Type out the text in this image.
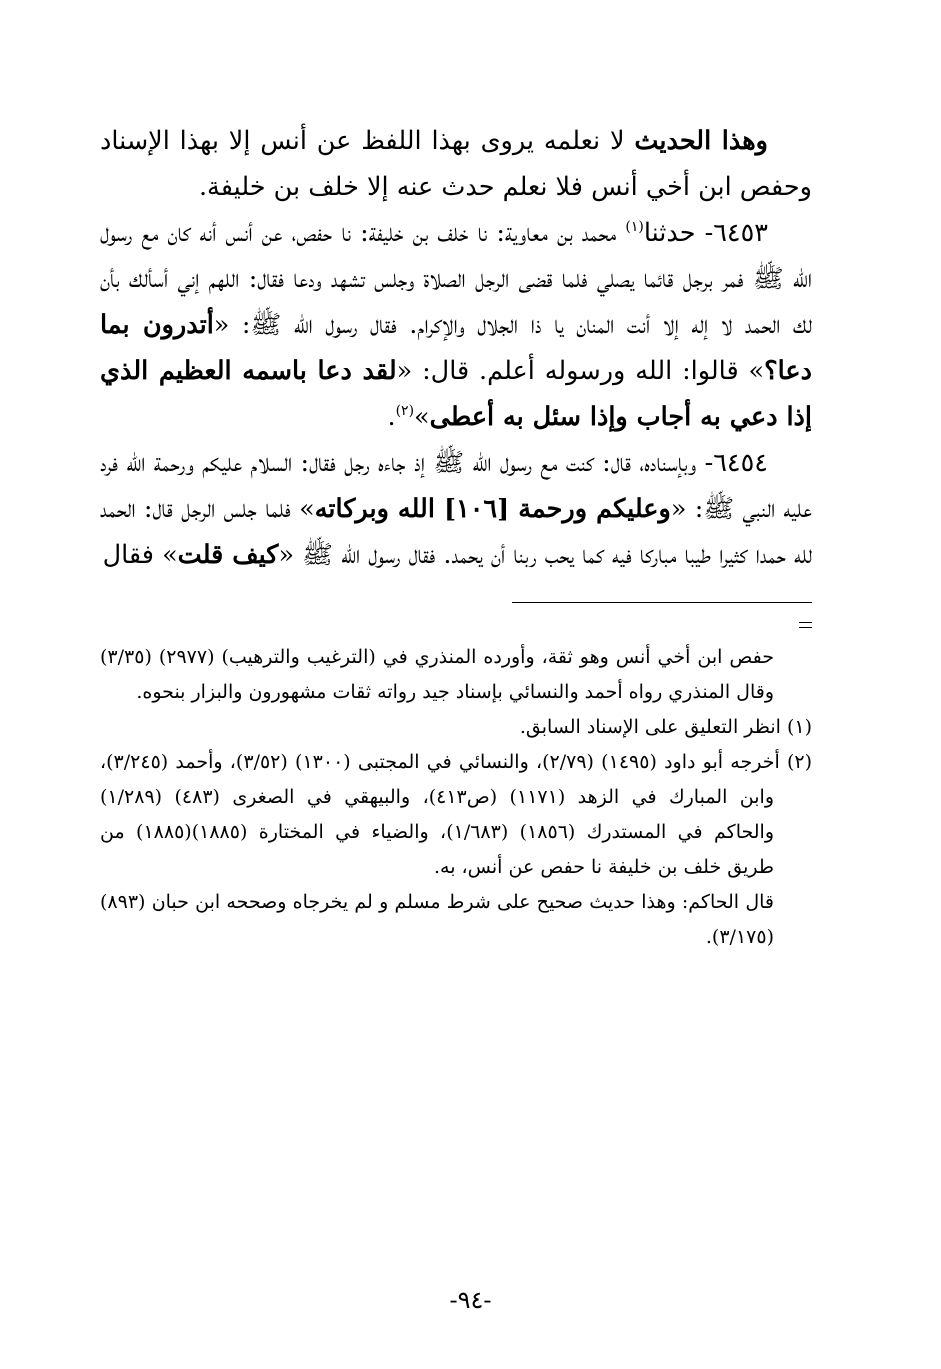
وهذا الحديث لا نعلمه يروى بهذا اللفظ عن أنس إلا بهذا الإسناد وحفص ابن أخي أنس فلا نعلم حدث عنه إلا خلف بن خليفة.

٦٤٥٣- حدثنا$^{(١)}$ محمد بن معاوية: نا خلف بن خليفة: نا حفص، عن أنس أنه كان مع رسول الله ﷺ فمر برجل قائما يصلي فلما قضى الرجل الصلاة وجلس تشهد ودعا فقال: اللهم إني أسألك بأن لك الحمد لا إله إلا أنت المنان يا ذا الجلال والإكرام. فقال رسول الله ﷺ: «أتدرون بما دعا؟» قالوا: الله ورسوله أعلم. قال: «لقد دعا باسمه العظيم الذي إذا دعي به أجاب وإذا سئل به أعطى»$^{(٢)}$.

٦٤٥٤- وبإسناده، قال: كنت مع رسول الله ﷺ إذ جاءه رجل فقال: السلام عليكم ورحمة الله فرد عليه النبي ﷺ: «وعليكم ورحمة [١٠٦] الله وبركاته» فلما جلس الرجل قال: الحمد لله حمدا كثيرا طيبا مباركا فيه كما يحب ربنا أن يحمد. فقال رسول الله ﷺ «كيف قلت» فقال

حفص ابن أخي أنس وهو ثقة، وأورده المنذري في (الترغيب والترهيب) (٢٩٧٧) (٣/٣٥) وقال المنذري رواه أحمد والنسائي بإسناد جيد رواته ثقات مشهورون والبزار بنحوه.

(١) انظر التعليق على الإسناد السابق.

(٢) أخرجه أبو داود (١٤٩٥) (٢/٧٩)، والنسائي في المجتبى (١٣٠٠) (٣/٥٢)، وأحمد (٣/٢٤٥)، وابن المبارك في الزهد (١١٧١) (ص٤١٣)، والبيهقي في الصغرى (٤٨٣) (١/٢٨٩) والحاكم في المستدرك (١٨٥٦) (١/٦٨٣)، والضياء في المختارة (١٨٨٥)(١٨٨٥) من طريق خلف بن خليفة نا حفص عن أنس، به.

قال الحاكم: وهذا حديث صحيح على شرط مسلم و لم يخرجاه وصححه ابن حبان (٨٩٣) (٣/١٧٥).

-٩٤-
